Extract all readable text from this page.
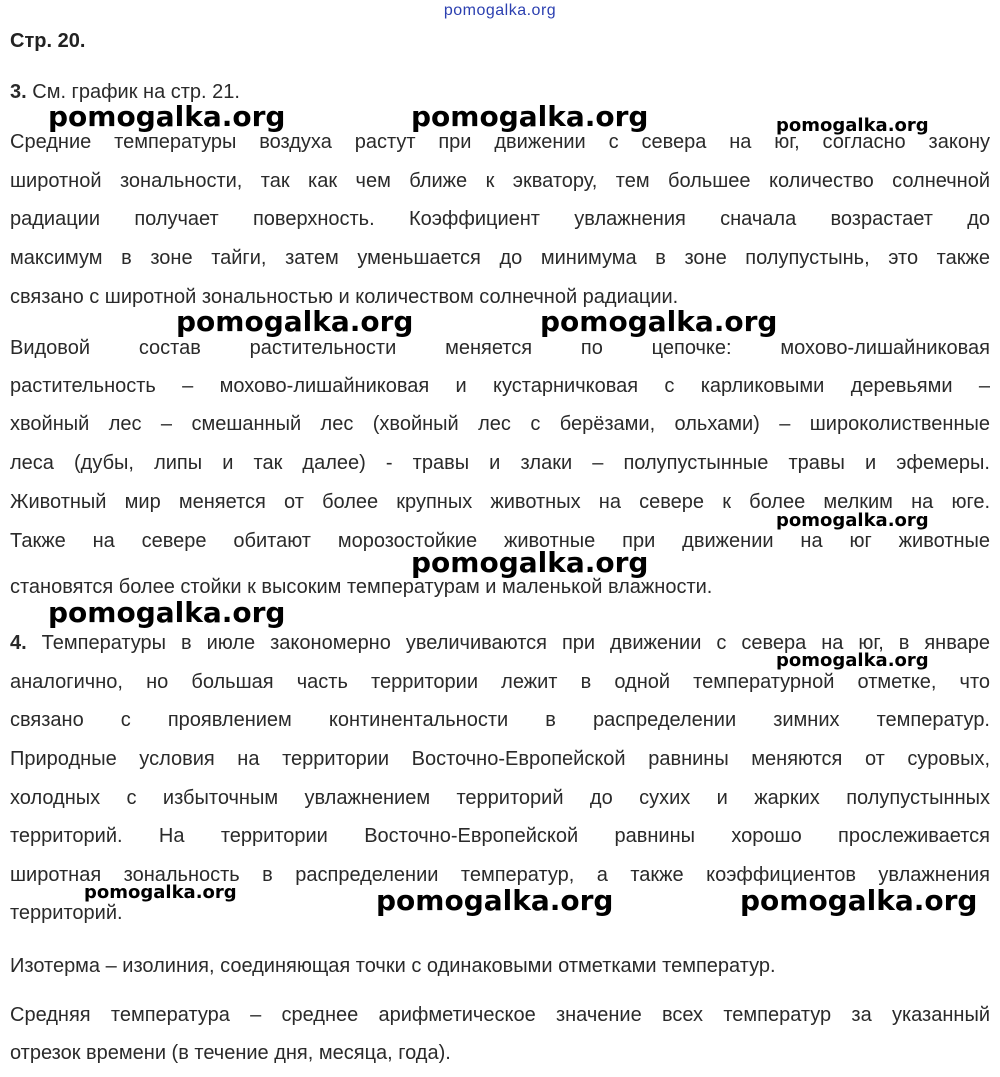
pomogalka.org
Стр. 20.
3. См. график на стр. 21.
Средние температуры воздуха растут при движении с севера на юг, согласно закону
широтной зональности, так как чем ближе к экватору, тем большее количество солнечной
радиации получает поверхность. Коэффициент увлажнения сначала возрастает до
максимум в зоне тайги, затем уменьшается до минимума в зоне полупустынь, это также
связано с широтной зональностью и количеством солнечной радиации.
Видовой состав растительности меняется по цепочке: мохово-лишайниковая
растительность – мохово-лишайниковая и кустарничковая с карликовыми деревьями –
хвойный лес – смешанный лес (хвойный лес с берёзами, ольхами) – широколиственные
леса (дубы, липы и так далее) - травы и злаки – полупустынные травы и эфемеры.
Животный мир меняется от более крупных животных на севере к более мелким на юге.
Также на севере обитают морозостойкие животные при движении на юг животные
становятся более стойки к высоким температурам и маленькой влажности.
4. Температуры в июле закономерно увеличиваются при движении с севера на юг, в январе
аналогично, но большая часть территории лежит в одной температурной отметке, что
связано с проявлением континентальности в распределении зимних температур.
Природные условия на территории Восточно-Европейской равнины меняются от суровых,
холодных с избыточным увлажнением территорий до сухих и жарких полупустынных
территорий. На территории Восточно-Европейской равнины хорошо прослеживается
широтная зональность в распределении температур, а также коэффициентов увлажнения
территорий.
Изотерма – изолиния, соединяющая точки с одинаковыми отметками температур.
Средняя температура – среднее арифметическое значение всех температур за указанный
отрезок времени (в течение дня, месяца, года).
pomogalka.org	pomogalka.org	pomogalka.org
pomogalka.org	pomogalka.org
pomogalka.org
pomogalka.org
pomogalka.org
pomogalka.org
pomogalka.org	pomogalka.org	pomogalka.org
